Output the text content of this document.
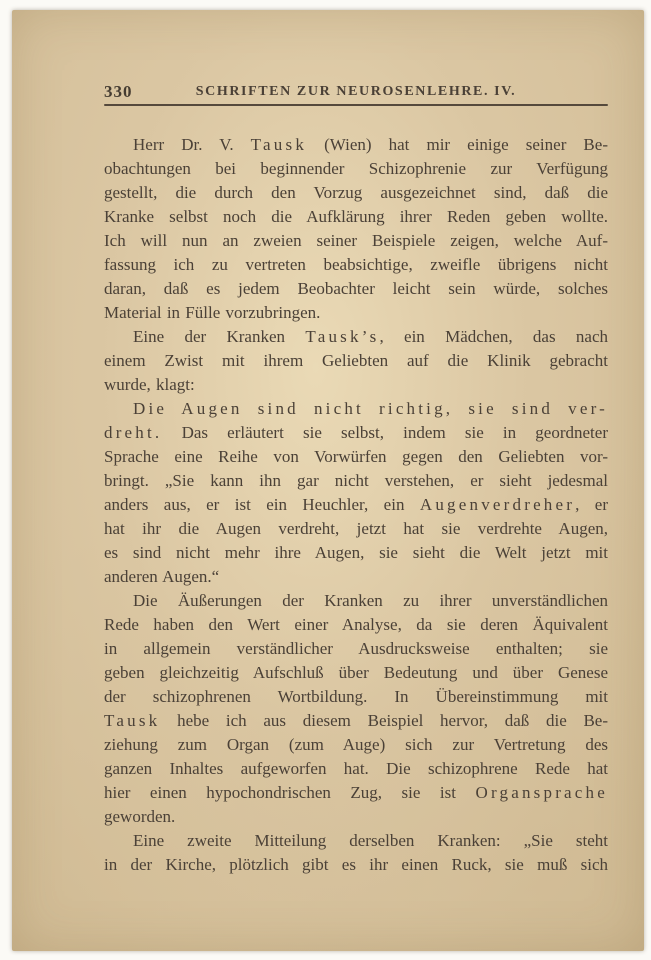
330	SCHRIFTEN ZUR NEUROSENLEHRE. IV.
Herr Dr. V. Tausk (Wien) hat mir einige seiner Be-
obachtungen bei beginnender Schizophrenie zur Verfügung
gestellt, die durch den Vorzug ausgezeichnet sind, daß die
Kranke selbst noch die Aufklärung ihrer Reden geben wollte.
Ich will nun an zweien seiner Beispiele zeigen, welche Auf-
fassung ich zu vertreten beabsichtige, zweifle übrigens nicht
daran, daß es jedem Beobachter leicht sein würde, solches
Material in Fülle vorzubringen.
Eine der Kranken Tausk’s, ein Mädchen, das nach
einem Zwist mit ihrem Geliebten auf die Klinik gebracht
wurde, klagt:
Die Augen sind nicht richtig, sie sind ver-
dreht. Das erläutert sie selbst, indem sie in geordneter
Sprache eine Reihe von Vorwürfen gegen den Geliebten vor-
bringt. „Sie kann ihn gar nicht verstehen, er sieht jedesmal
anders aus, er ist ein Heuchler, ein Augenverdreher, er
hat ihr die Augen verdreht, jetzt hat sie verdrehte Augen,
es sind nicht mehr ihre Augen, sie sieht die Welt jetzt mit
anderen Augen.“
Die Äußerungen der Kranken zu ihrer unverständlichen
Rede haben den Wert einer Analyse, da sie deren Äquivalent
in allgemein verständlicher Ausdrucksweise enthalten; sie
geben gleichzeitig Aufschluß über Bedeutung und über Genese
der schizophrenen Wortbildung. In Übereinstimmung mit
Tausk hebe ich aus diesem Beispiel hervor, daß die Be-
ziehung zum Organ (zum Auge) sich zur Vertretung des
ganzen Inhaltes aufgeworfen hat. Die schizophrene Rede hat
hier einen hypochondrischen Zug, sie ist Organsprache
geworden.
Eine zweite Mitteilung derselben Kranken: „Sie steht
in der Kirche, plötzlich gibt es ihr einen Ruck, sie muß sich
